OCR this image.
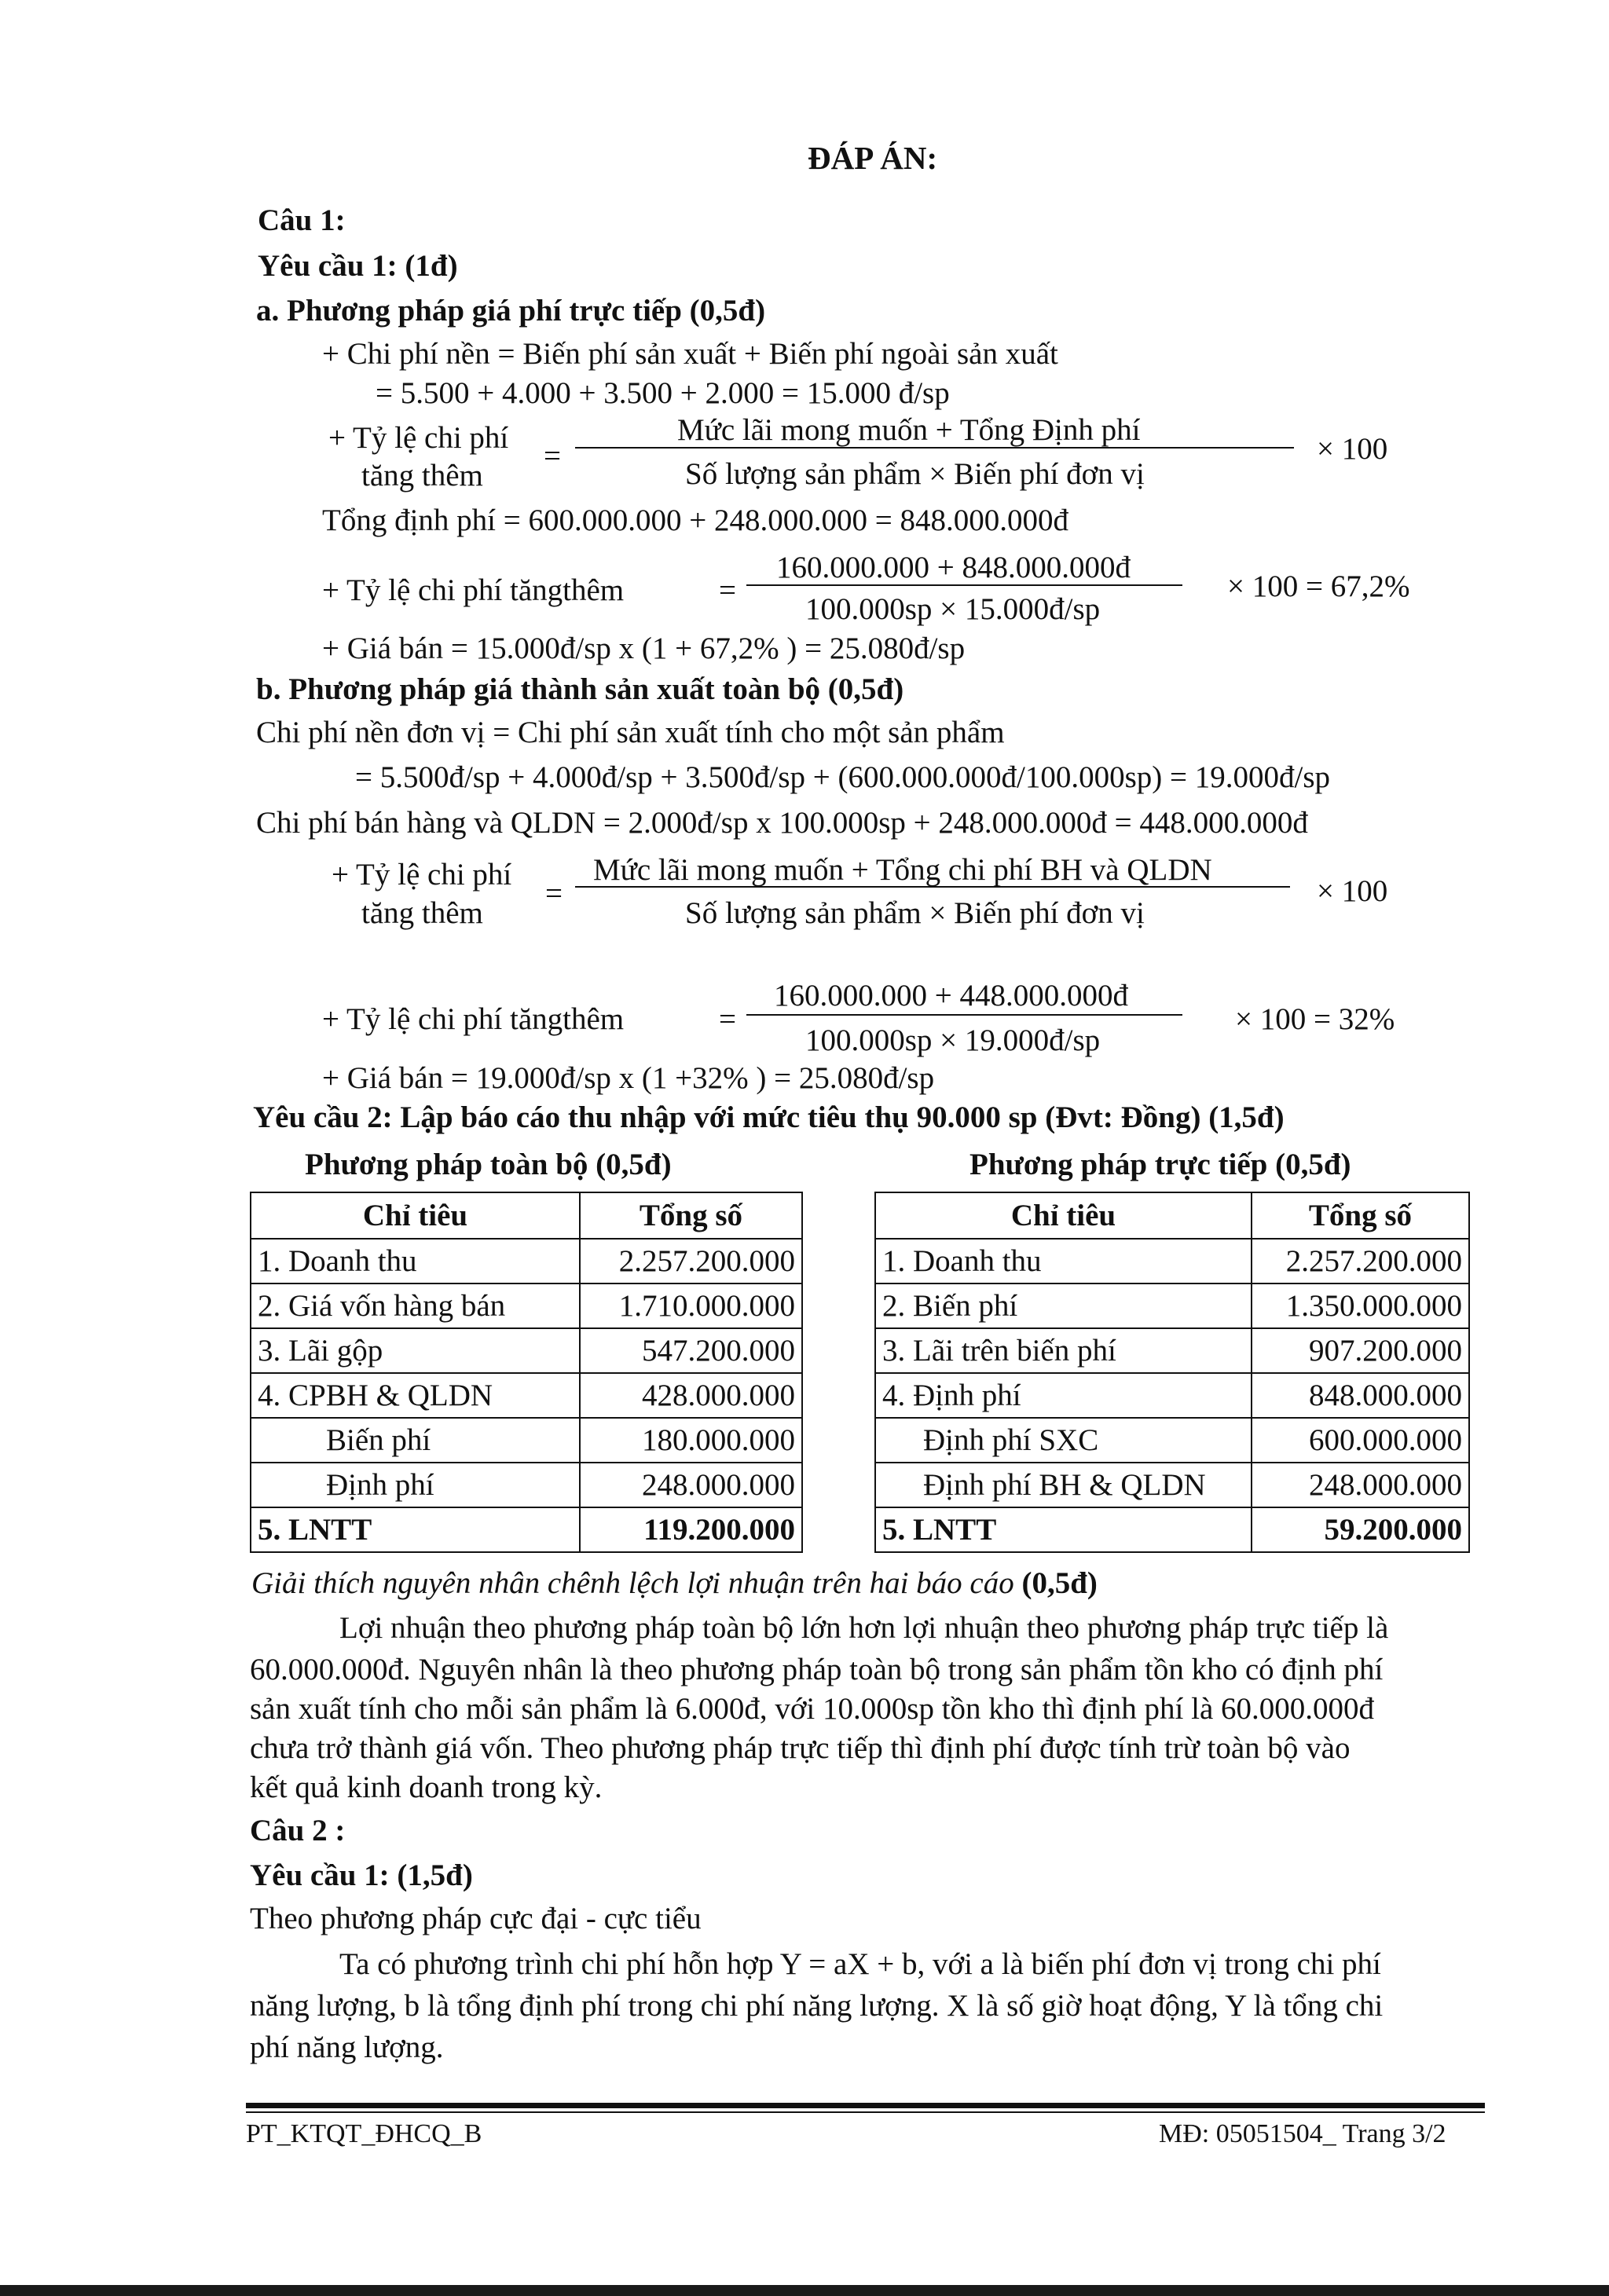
ĐÁP ÁN:
Câu 1:
Yêu cầu 1: (1đ)
a. Phương pháp giá phí trực tiếp (0,5đ)
+ Chi phí nền = Biến phí sản xuất + Biến phí ngoài sản xuất
= 5.500 + 4.000 + 3.500 + 2.000 = 15.000 đ/sp
+ Tỷ lệ chi phí
tăng thêm
=
Mức lãi mong muốn + Tổng Định phí
Số lượng sản phẩm × Biến phí đơn vị
× 100
Tổng định phí = 600.000.000 + 248.000.000 = 848.000.000đ
+ Tỷ lệ chi phí tăngthêm	=
160.000.000 + 848.000.000đ
100.000sp × 15.000đ/sp
× 100 = 67,2%
+ Giá bán = 15.000đ/sp x (1 + 67,2% ) = 25.080đ/sp
b. Phương pháp giá thành sản xuất toàn bộ (0,5đ)
Chi phí nền đơn vị = Chi phí sản xuất tính cho một sản phẩm
= 5.500đ/sp + 4.000đ/sp + 3.500đ/sp + (600.000.000đ/100.000sp) = 19.000đ/sp
Chi phí bán hàng và QLDN = 2.000đ/sp x 100.000sp + 248.000.000đ = 448.000.000đ
+ Tỷ lệ chi phí
tăng thêm
=
Mức lãi mong muốn + Tổng chi phí BH và QLDN
Số lượng sản phẩm × Biến phí đơn vị
× 100
+ Tỷ lệ chi phí tăngthêm	=
160.000.000 + 448.000.000đ
100.000sp × 19.000đ/sp
× 100 = 32%
+ Giá bán = 19.000đ/sp x (1 +32% ) = 25.080đ/sp
Yêu cầu 2: Lập báo cáo thu nhập với mức tiêu thụ 90.000 sp (Đvt: Đồng) (1,5đ)
Phương pháp toàn bộ (0,5đ)	Phương pháp trực tiếp (0,5đ)
Chỉ tiêu	Tổng số
1. Doanh thu	2.257.200.000
2. Giá vốn hàng bán	1.710.000.000
3. Lãi gộp	547.200.000
4. CPBH & QLDN	428.000.000
Biến phí	180.000.000
Định phí	248.000.000
5. LNTT	119.200.000
Chỉ tiêu	Tổng số
1. Doanh thu	2.257.200.000
2. Biến phí	1.350.000.000
3. Lãi trên biến phí	907.200.000
4. Định phí	848.000.000
Định phí SXC	600.000.000
Định phí BH & QLDN	248.000.000
5. LNTT	59.200.000
Giải thích nguyên nhân chênh lệch lợi nhuận trên hai báo cáo (0,5đ)
Lợi nhuận theo phương pháp toàn bộ lớn hơn lợi nhuận theo phương pháp trực tiếp là
60.000.000đ. Nguyên nhân là theo phương pháp toàn bộ trong sản phẩm tồn kho có định phí
sản xuất tính cho mỗi sản phẩm là 6.000đ, với 10.000sp tồn kho thì định phí là 60.000.000đ
chưa trở thành giá vốn. Theo phương pháp trực tiếp thì định phí được tính trừ toàn bộ vào
kết quả kinh doanh trong kỳ.
Câu 2 :
Yêu cầu 1: (1,5đ)
Theo phương pháp cực đại - cực tiểu
Ta có phương trình chi phí hỗn hợp Y = aX + b, với a là biến phí đơn vị trong chi phí
năng lượng, b là tổng định phí trong chi phí năng lượng. X là số giờ hoạt động, Y là tổng chi
phí năng lượng.
PT_KTQT_ĐHCQ_B	MĐ: 05051504_ Trang 3/2
